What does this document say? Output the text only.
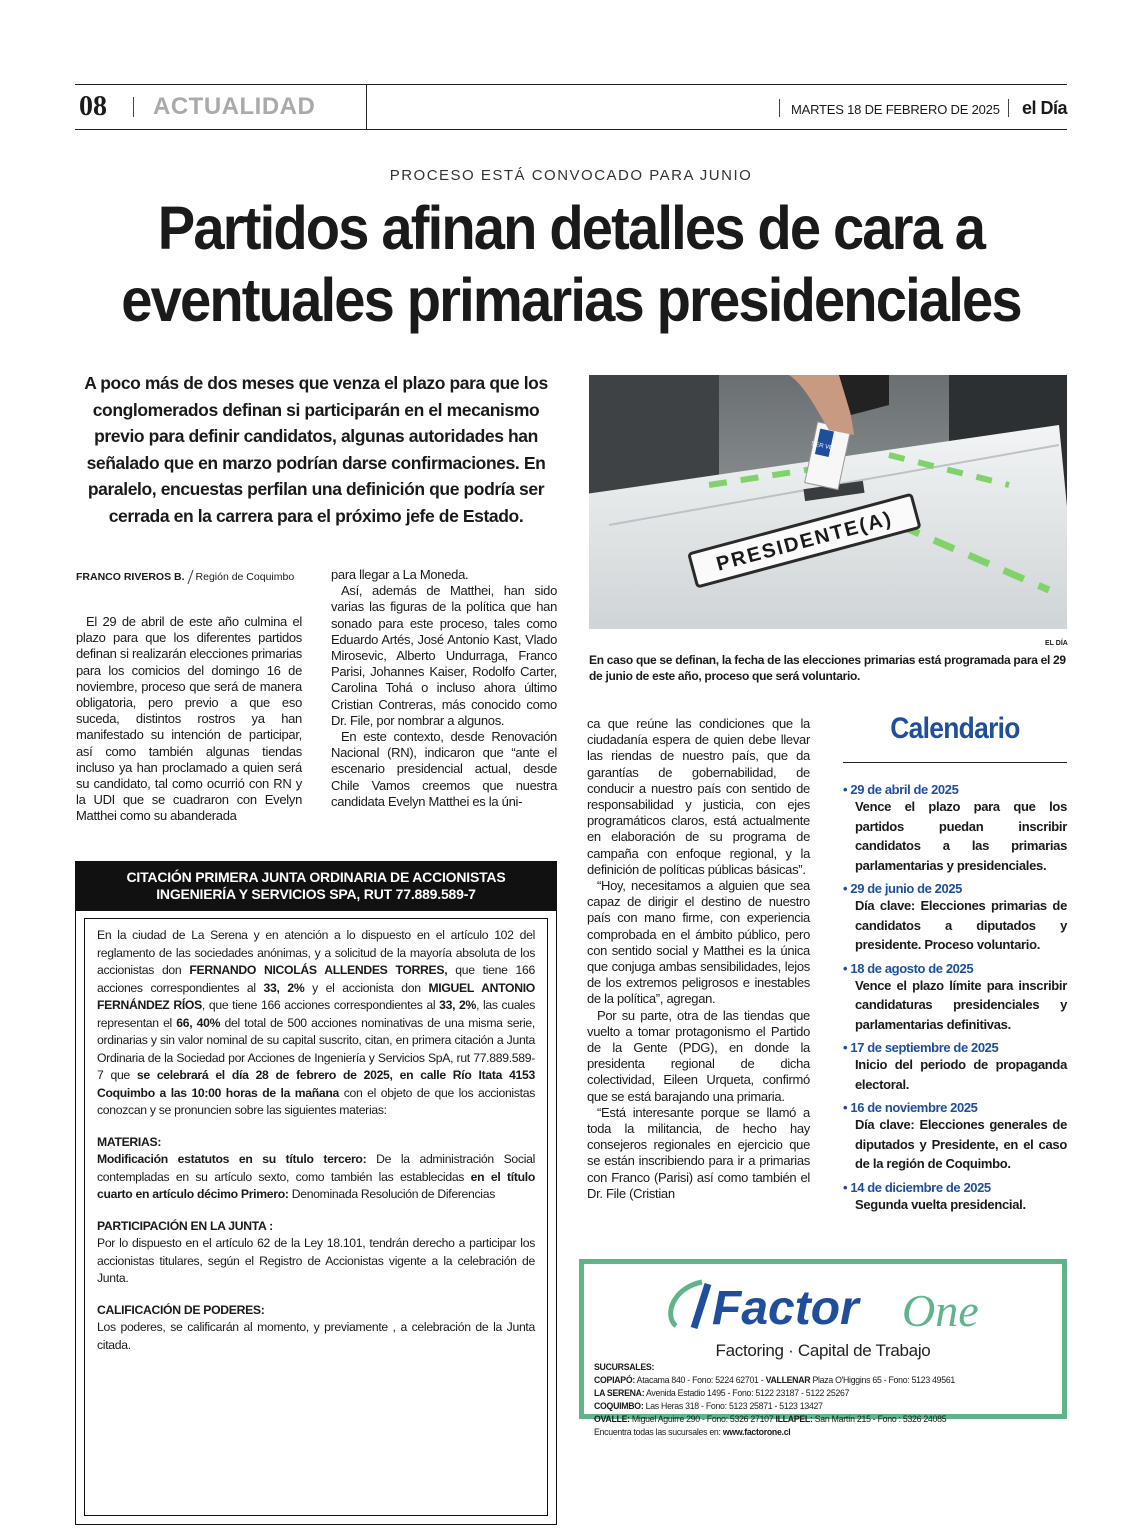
08 ACTUALIDAD	MARTES 18 DE FEBRERO DE 2025 el Día
PROCESO ESTÁ CONVOCADO PARA JUNIO
Partidos afinan detalles de cara a
eventuales primarias presidenciales
A poco más de dos meses que venza el plazo para que los conglomerados definan si participarán en el mecanismo previo para definir candidatos, algunas autoridades han señalado que en marzo podrían darse confirmaciones. En paralelo, encuestas perfilan una definición que podría ser cerrada en la carrera para el próximo jefe de Estado.	PRESIDENTE(A)
SER VEL
EL DÍA
En caso que se definan, la fecha de las elecciones primarias está programada para el 29 de junio de este año, proceso que será voluntario.
FRANCO RIVEROS B. Región de Coquimbo

El 29 de abril de este año culmina el plazo para que los diferentes partidos definan si realizarán elecciones primarias para los comicios del domingo 16 de noviembre, proceso que será de manera obligatoria, pero previo a que eso suceda, distintos rostros ya han manifestado su intención de participar, así como también algunas tiendas incluso ya han proclamado a quien será su candidato, tal como ocurrió con RN y la UDI que se cuadraron con Evelyn Matthei como su abanderada

para llegar a La Moneda.

Así, además de Matthei, han sido varias las figuras de la política que han sonado para este proceso, tales como Eduardo Artés, José Antonio Kast, Vlado Mirosevic, Alberto Undurraga, Franco Parisi, Johannes Kaiser, Rodolfo Carter, Carolina Tohá o incluso ahora último Cristian Contreras, más conocido como Dr. File, por nombrar a algunos.

En este contexto, desde Renovación Nacional (RN), indicaron que “ante el escenario presidencial actual, desde Chile Vamos creemos que nuestra candidata Evelyn Matthei es la úni-

ca que reúne las condiciones que la ciudadanía espera de quien debe llevar las riendas de nuestro país, que da garantías de gobernabilidad, de conducir a nuestro país con sentido de responsabilidad y justicia, con ejes programáticos claros, está actualmente en elaboración de su programa de campaña con enfoque regional, y la definición de políticas públicas básicas”.

“Hoy, necesitamos a alguien que sea capaz de dirigir el destino de nuestro país con mano firme, con experiencia comprobada en el ámbito público, pero con sentido social y Matthei es la única que conjuga ambas sensibilidades, lejos de los extremos peligrosos e inestables de la política”, agregan.

Por su parte, otra de las tiendas que vuelto a tomar protagonismo el Partido de la Gente (PDG), en donde la presidenta regional de dicha colectividad, Eileen Urqueta, confirmó que se está barajando una primaria.

“Está interesante porque se llamó a toda la militancia, de hecho hay consejeros regionales en ejercicio que se están inscribiendo para ir a primarias con Franco (Parisi) así como también el Dr. File (Cristian

Calendario
• 29 de abril de 2025
Vence el plazo para que los partidos puedan inscribir candidatos a las primarias parlamentarias y presidenciales.
• 29 de junio de 2025
Día clave: Elecciones primarias de candidatos a diputados y presidente. Proceso voluntario.
• 18 de agosto de 2025
Vence el plazo límite para inscribir candidaturas presidenciales y parlamentarias definitivas.
• 17 de septiembre de 2025
Inicio del periodo de propaganda electoral.
• 16 de noviembre 2025
Día clave: Elecciones generales de diputados y Presidente, en el caso de la región de Coquimbo.
• 14 de diciembre de 2025
Segunda vuelta presidencial.
CITACIÓN PRIMERA JUNTA ORDINARIA DE ACCIONISTAS
INGENIERÍA Y SERVICIOS SPA, RUT 77.889.589-7

En la ciudad de La Serena y en atención a lo dispuesto en el artículo 102 del reglamento de las sociedades anónimas, y a solicitud de la mayoría absoluta de los accionistas don FERNANDO NICOLÁS ALLENDES TORRES, que tiene 166 acciones correspondientes al 33, 2% y el accionista don MIGUEL ANTONIO FERNÁNDEZ RÍOS, que tiene 166 acciones correspondientes al 33, 2%, las cuales representan el 66, 40% del total de 500 acciones nominativas de una misma serie, ordinarias y sin valor nominal de su capital suscrito, citan, en primera citación a Junta Ordinaria de la Sociedad por Acciones de Ingeniería y Servicios SpA, rut 77.889.589-7 que se celebrará el día 28 de febrero de 2025, en calle Río Itata 4153 Coquimbo a las 10:00 horas de la mañana con el objeto de que los accionistas conozcan y se pronuncien sobre las siguientes materias:

MATERIAS:

Modificación estatutos en su título tercero: De la administración Social contempladas en su artículo sexto, como también las establecidas en el título cuarto en artículo décimo Primero: Denominada Resolución de Diferencias

PARTICIPACIÓN EN LA JUNTA :

Por lo dispuesto en el artículo 62 de la Ley 18.101, tendrán derecho a participar los accionistas titulares, según el Registro de Accionistas vigente a la celebración de Junta.

CALIFICACIÓN DE PODERES:

Los poderes, se calificarán al momento, y previamente , a celebración de la Junta citada.

Factor One
Factoring · Capital de Trabajo
SUCURSALES:
COPIAPÓ: Atacama 840 - Fono: 5224 62701 - VALLENAR Plaza O'Higgins 65 - Fono: 5123 49561
LA SERENA: Avenida Estadio 1495 - Fono: 5122 23187 - 5122 25267
COQUIMBO: Las Heras 318 - Fono: 5123 25871 - 5123 13427
OVALLE: Miguel Aguirre 290 - Fono: 5326 27107 ILLAPEL: San Martín 215 - Fono : 5326 24085
Encuentra todas las sucursales en: www.factorone.cl
